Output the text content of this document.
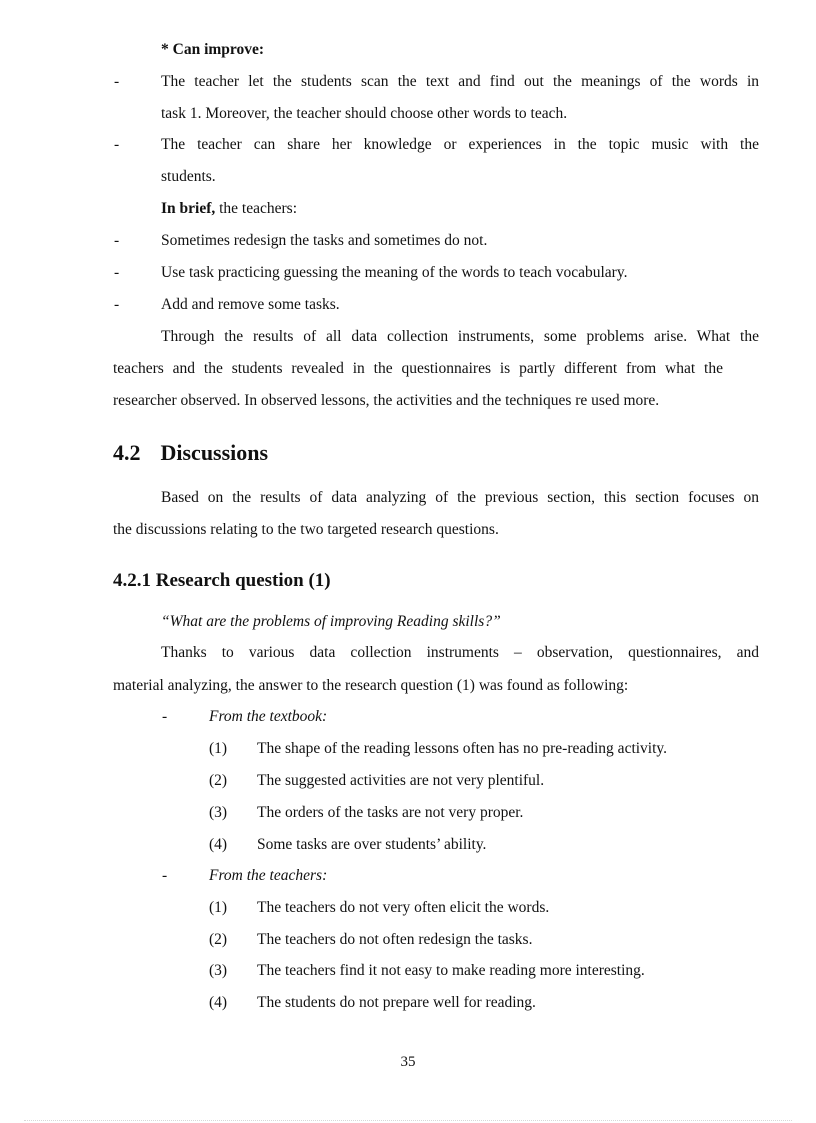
* Can improve:
-	The teacher let the students scan the text and find out the meanings of the words in
task 1. Moreover, the teacher should choose other words to teach.
-	The teacher can share her knowledge or experiences in the topic music with the
students.
In brief, the teachers:
-	Sometimes redesign the tasks and sometimes do not.
-	Use task practicing guessing the meaning of the words to teach vocabulary.
-	Add and remove some tasks.
Through the results of all data collection instruments, some problems arise. What the
teachers and the students revealed in the questionnaires is partly different from what the
researcher observed. In observed lessons, the activities and the techniques re used more.
4.2 Discussions
Based on the results of data analyzing of the previous section, this section focuses on
the discussions relating to the two targeted research questions.
4.2.1 Research question (1)
“What are the problems of improving Reading skills?”
Thanks to various data collection instruments – observation, questionnaires, and
material analyzing, the answer to the research question (1) was found as following:
-	From the textbook:
(1) The shape of the reading lessons often has no pre-reading activity.
(2) The suggested activities are not very plentiful.
(3) The orders of the tasks are not very proper.
(4) Some tasks are over students’ ability.
-	From the teachers:
(1) The teachers do not very often elicit the words.
(2) The teachers do not often redesign the tasks.
(3) The teachers find it not easy to make reading more interesting.
(4) The students do not prepare well for reading.
35
